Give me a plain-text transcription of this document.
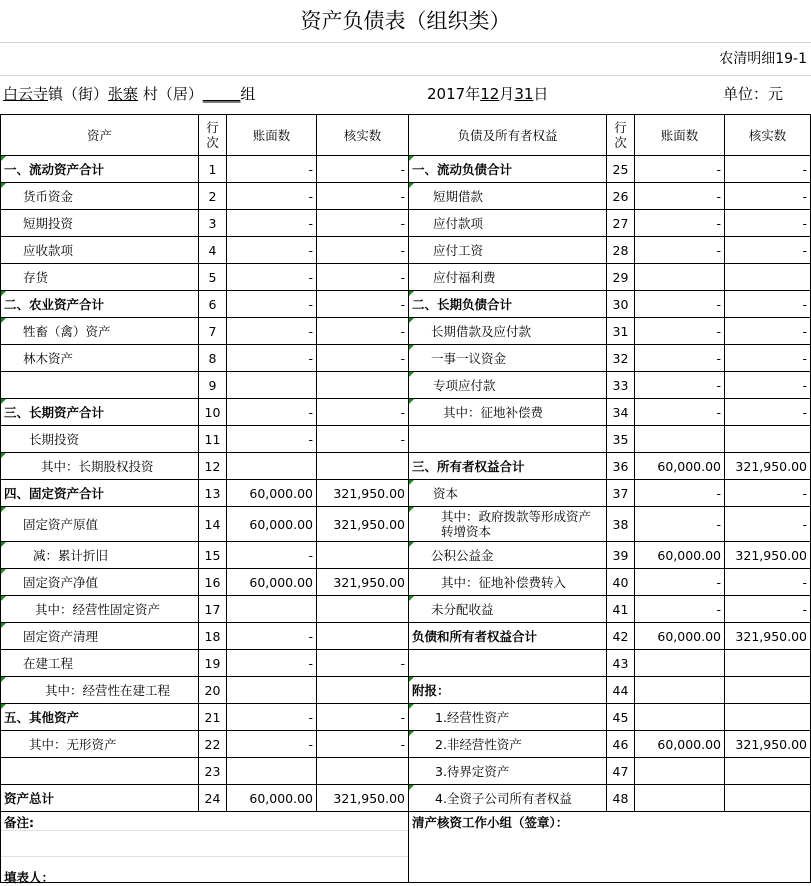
资产负债表（组织类）
农清明细19-1
白云寺镇（街）张寨 村（居）_____组	2017年12月31日	单位：元
资产	行次	账面数	核实数	负债及所有者权益	行次	账面数	核实数
一、流动资产合计	1	-	-	一、流动负债合计	25	-	-
货币资金	2	-	-	短期借款	26	-	-
短期投资	3	-	-	应付款项	27	-	-
应收款项	4	-	-	应付工资	28	-	-
存货	5	-	-	应付福利费	29		
二、农业资产合计	6	-	-	二、长期负债合计	30	-	-
牲畜（禽）资产	7	-	-	长期借款及应付款	31	-	-
林木资产	8	-	-	一事一议资金	32	-	-
	9			专项应付款	33	-	-
三、长期资产合计	10	-	-	其中：征地补偿费	34	-	-
长期投资	11	-	-		35		
其中：长期股权投资	12			三、所有者权益合计	36	60,000.00	321,950.00
四、固定资产合计	13	60,000.00	321,950.00	资本	37	-	-
固定资产原值	14	60,000.00	321,950.00	其中：政府拨款等形成资产转增资本	38	-	-
减：累计折旧	15	-		公积公益金	39	60,000.00	321,950.00
固定资产净值	16	60,000.00	321,950.00	其中：征地补偿费转入	40	-	-
其中：经营性固定资产	17			未分配收益	41	-	-
固定资产清理	18	-		负债和所有者权益合计	42	60,000.00	321,950.00
在建工程	19	-	-		43		
其中：经营性在建工程	20			附报：	44		
五、其他资产	21	-	-	1.经营性资产	45		
其中：无形资产	22	-	-	2.非经营性资产	46	60,000.00	321,950.00
	23			3.待界定资产	47		
资产总计	24	60,000.00	321,950.00	4.全资子公司所有者权益	48		
备注:	清产核资工作小组（签章）：
填表人：
